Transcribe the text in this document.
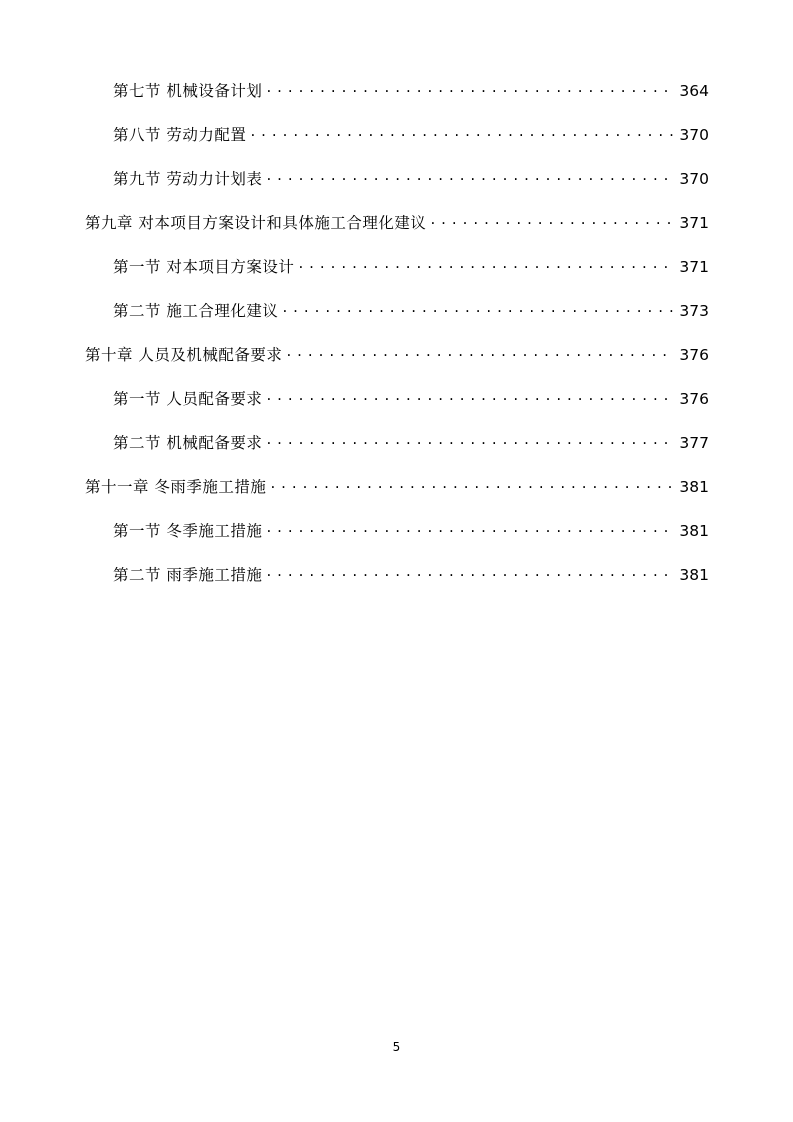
第七节 机械设备计划 . . .	364
第八节 劳动力配置 . . .	370
第九节 劳动力计划表 . . .	370
第九章 对本项目方案设计和具体施工合理化建议 . . .	371
第一节 对本项目方案设计 . . .	371
第二节 施工合理化建议 . . .	373
第十章 人员及机械配备要求 . . .	376
第一节 人员配备要求 . . .	376
第二节 机械配备要求 . . .	377
第十一章 冬雨季施工措施 . . .	381
第一节 冬季施工措施 . . .	381
第二节 雨季施工措施 . . .	381
5
